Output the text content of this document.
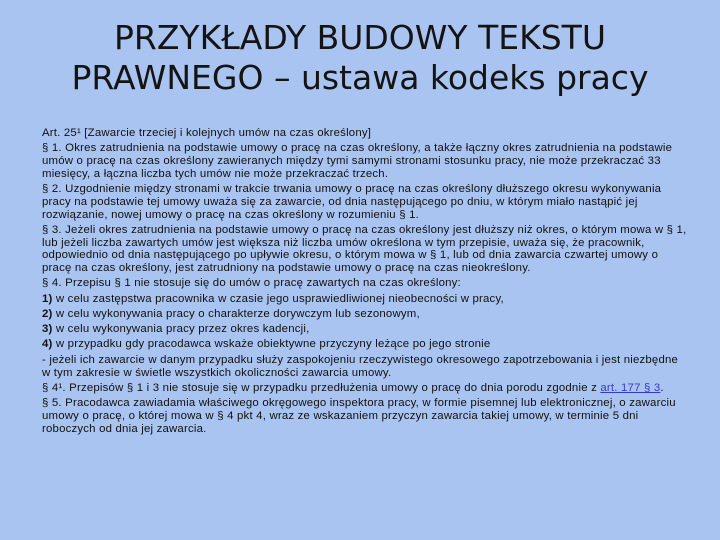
PRZYKŁADY BUDOWY TEKSTU
PRAWNEGO – ustawa kodeks pracy

Art. 25¹ [Zawarcie trzeciej i kolejnych umów na czas określony]

§ 1. Okres zatrudnienia na podstawie umowy o pracę na czas określony, a także łączny okres zatrudnienia na podstawie umów o pracę na czas określony zawieranych między tymi samymi stronami stosunku pracy, nie może przekraczać 33 miesięcy, a łączna liczba tych umów nie może przekraczać trzech.

§ 2. Uzgodnienie między stronami w trakcie trwania umowy o pracę na czas określony dłuższego okresu wykonywania pracy na podstawie tej umowy uważa się za zawarcie, od dnia następującego po dniu, w którym miało nastąpić jej rozwiązanie, nowej umowy o pracę na czas określony w rozumieniu § 1.

§ 3. Jeżeli okres zatrudnienia na podstawie umowy o pracę na czas określony jest dłuższy niż okres, o którym mowa w § 1, lub jeżeli liczba zawartych umów jest większa niż liczba umów określona w tym przepisie, uważa się, że pracownik, odpowiednio od dnia następującego po upływie okresu, o którym mowa w § 1, lub od dnia zawarcia czwartej umowy o pracę na czas określony, jest zatrudniony na podstawie umowy o pracę na czas nieokreślony.

§ 4. Przepisu § 1 nie stosuje się do umów o pracę zawartych na czas określony:

1) w celu zastępstwa pracownika w czasie jego usprawiedliwionej nieobecności w pracy,

2) w celu wykonywania pracy o charakterze dorywczym lub sezonowym,

3) w celu wykonywania pracy przez okres kadencji,

4) w przypadku gdy pracodawca wskaże obiektywne przyczyny leżące po jego stronie

- jeżeli ich zawarcie w danym przypadku służy zaspokojeniu rzeczywistego okresowego zapotrzebowania i jest niezbędne w tym zakresie w świetle wszystkich okoliczności zawarcia umowy.

§ 4¹. Przepisów § 1 i 3 nie stosuje się w przypadku przedłużenia umowy o pracę do dnia porodu zgodnie z art. 177 § 3.

§ 5. Pracodawca zawiadamia właściwego okręgowego inspektora pracy, w formie pisemnej lub elektronicznej, o zawarciu umowy o pracę, o której mowa w § 4 pkt 4, wraz ze wskazaniem przyczyn zawarcia takiej umowy, w terminie 5 dni roboczych od dnia jej zawarcia.
